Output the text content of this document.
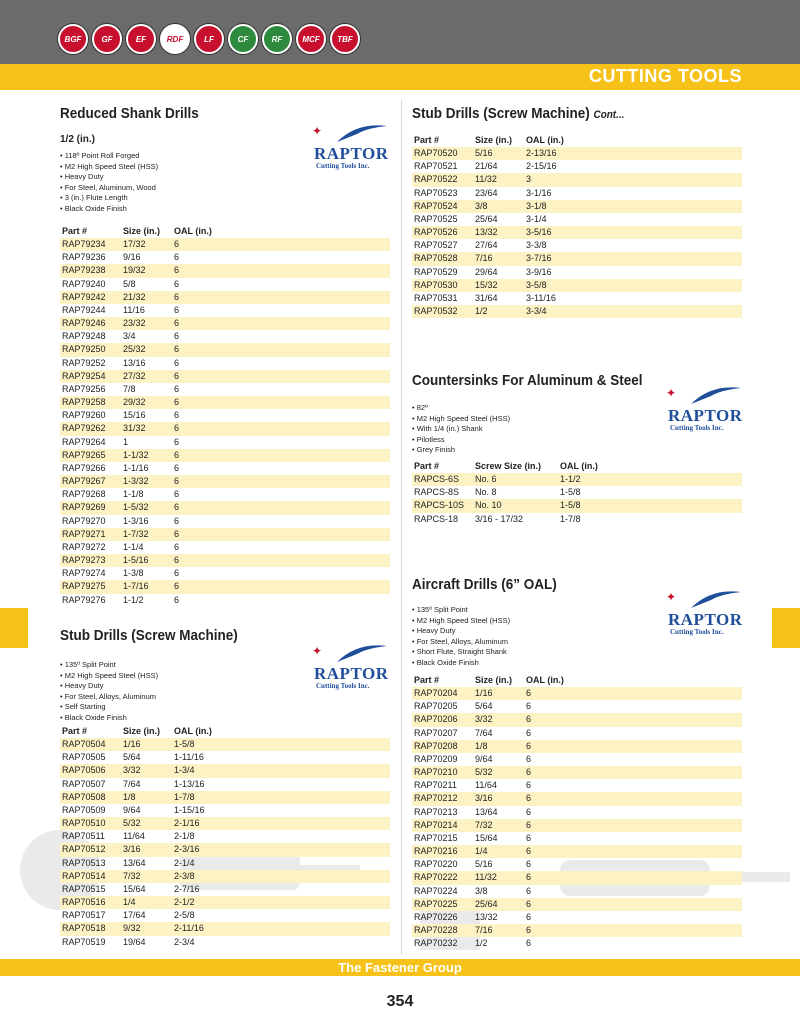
BGF	GF	EF	RDF	LF	CF	RF	MCF	TBF
CUTTING TOOLS
Reduced Shank Drills
1/2 (in.)
• 118º Point Roll Forged
• M2 High Speed Steel (HSS)
• Heavy Duty
• For Steel, Aluminum, Wood
• 3 (in.) Flute Length
• Black Oxide Finish
✦
RAPTOR
Cutting Tools Inc.
Part #	Size (in.)	OAL (in.)
RAP79234	17/32	6
RAP79236	9/16	6
RAP79238	19/32	6
RAP79240	5/8	6
RAP79242	21/32	6
RAP79244	11/16	6
RAP79246	23/32	6
RAP79248	3/4	6
RAP79250	25/32	6
RAP79252	13/16	6
RAP79254	27/32	6
RAP79256	7/8	6
RAP79258	29/32	6
RAP79260	15/16	6
RAP79262	31/32	6
RAP79264	1	6
RAP79265	1-1/32	6
RAP79266	1-1/16	6
RAP79267	1-3/32	6
RAP79268	1-1/8	6
RAP79269	1-5/32	6
RAP79270	1-3/16	6
RAP79271	1-7/32	6
RAP79272	1-1/4	6
RAP79273	1-5/16	6
RAP79274	1-3/8	6
RAP79275	1-7/16	6
RAP79276	1-1/2	6
Stub Drills (Screw Machine)
• 135º Split Point
• M2 High Speed Steel (HSS)
• Heavy Duty
• For Steel, Alloys, Aluminum
• Self Starting
• Black Oxide Finish
✦
RAPTOR
Cutting Tools Inc.
Part #	Size (in.)	OAL (in.)
RAP70504	1/16	1-5/8
RAP70505	5/64	1-11/16
RAP70506	3/32	1-3/4
RAP70507	7/64	1-13/16
RAP70508	1/8	1-7/8
RAP70509	9/64	1-15/16
RAP70510	5/32	2-1/16
RAP70511	11/64	2-1/8
RAP70512	3/16	2-3/16
RAP70513	13/64	2-1/4
RAP70514	7/32	2-3/8
RAP70515	15/64	2-7/16
RAP70516	1/4	2-1/2
RAP70517	17/64	2-5/8
RAP70518	9/32	2-11/16
RAP70519	19/64	2-3/4
Stub Drills (Screw Machine) Cont...
Part #	Size (in.)	OAL (in.)
RAP70520	5/16	2-13/16
RAP70521	21/64	2-15/16
RAP70522	11/32	3
RAP70523	23/64	3-1/16
RAP70524	3/8	3-1/8
RAP70525	25/64	3-1/4
RAP70526	13/32	3-5/16
RAP70527	27/64	3-3/8
RAP70528	7/16	3-7/16
RAP70529	29/64	3-9/16
RAP70530	15/32	3-5/8
RAP70531	31/64	3-11/16
RAP70532	1/2	3-3/4
Countersinks For Aluminum & Steel
• 82º
• M2 High Speed Steel (HSS)
• With 1/4 (in.) Shank
• Pilotless
• Grey Finish
✦
RAPTOR
Cutting Tools Inc.
Part #	Screw Size (in.)	OAL (in.)
RAPCS-6S	No. 6	1-1/2
RAPCS-8S	No. 8	1-5/8
RAPCS-10S	No. 10	1-5/8
RAPCS-18	3/16 - 17/32	1-7/8
Aircraft Drills (6” OAL)
• 135º Split Point
• M2 High Speed Steel (HSS)
• Heavy Duty
• For Steel, Alloys, Aluminum
• Short Flute, Straight Shank
• Black Oxide Finish
✦
RAPTOR
Cutting Tools Inc.
Part #	Size (in.)	OAL (in.)
RAP70204	1/16	6
RAP70205	5/64	6
RAP70206	3/32	6
RAP70207	7/64	6
RAP70208	1/8	6
RAP70209	9/64	6
RAP70210	5/32	6
RAP70211	11/64	6
RAP70212	3/16	6
RAP70213	13/64	6
RAP70214	7/32	6
RAP70215	15/64	6
RAP70216	1/4	6
RAP70220	5/16	6
RAP70222	11/32	6
RAP70224	3/8	6
RAP70225	25/64	6
RAP70226	13/32	6
RAP70228	7/16	6
RAP70232	1/2	6
The Fastener Group
354
